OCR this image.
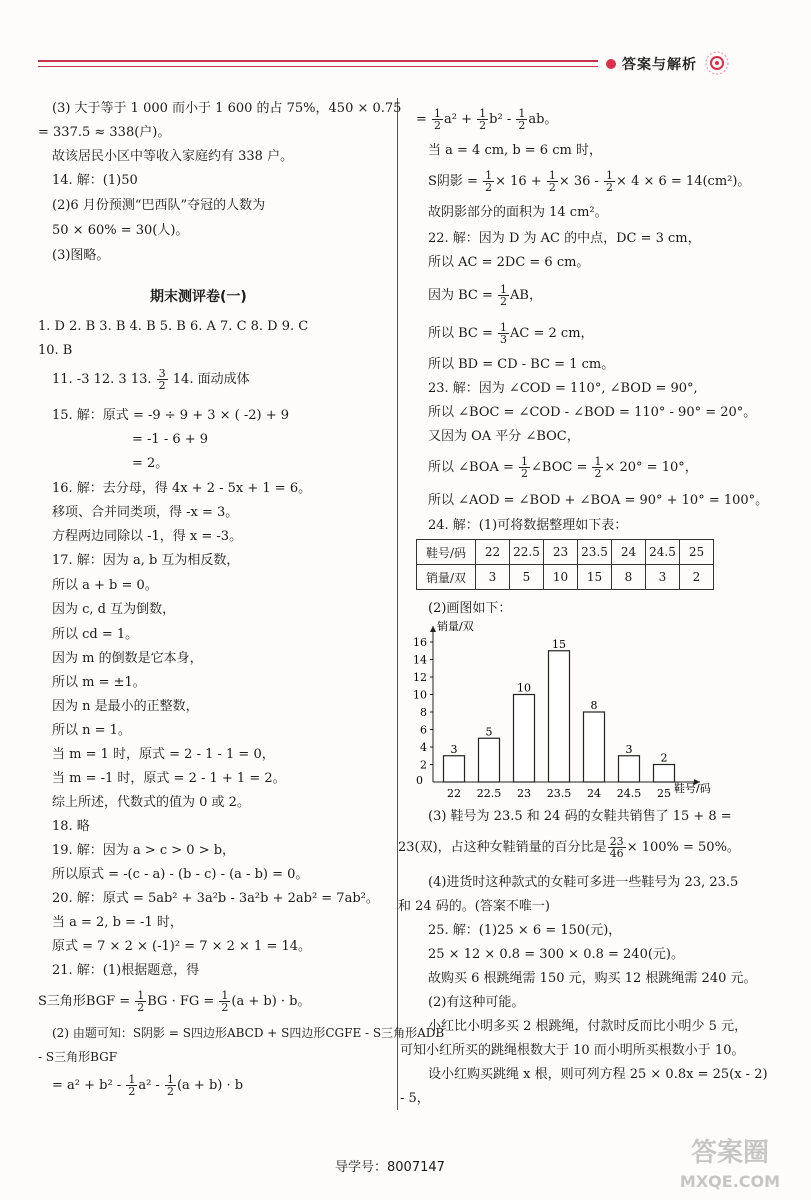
答案与解析
(3) 大于等于 1 000 而小于 1 600 的占 75%，450 × 0.75
= 337.5 ≈ 338(户)。
故该居民小区中等收入家庭约有 338 户。
14. 解：(1)50
(2)6 月份预测“巴西队”夺冠的人数为
50 × 60% = 30(人)。
(3)图略。
期末测评卷(一)
1. D 2. B 3. B 4. B 5. B 6. A 7. C 8. D 9. C
10. B
11. -3 12. 3 13. $\frac{3}{2} 14$. 面动成体
15. 解：原式 = -9 ÷ 9 + 3 × ( -2) + 9
= -1 - 6 + 9
= 2。
16. 解：去分母，得 4x + 2 - 5x + 1 = 6。
移项、合并同类项，得 -x = 3。
方程两边同除以 -1，得 x = -3。
17. 解：因为 a, b 互为相反数，
所以 a + b = 0。
因为 c, d 互为倒数，
所以 cd = 1。
因为 m 的倒数是它本身，
所以 m = ±1。
因为 n 是最小的正整数，
所以 n = 1。
当 m = 1 时，原式 = 2 - 1 - 1 = 0，
当 m = -1 时，原式 = 2 - 1 + 1 = 2。
综上所述，代数式的值为 0 或 2。
18. 略
19. 解：因为 a > c > 0 > b，
所以原式 = -(c - a) - (b - c) - (a - b) = 0。
20. 解：原式 = 5ab² + 3a²b - 3a²b + 2ab² = 7ab²。
当 a = 2, b = -1 时，
原式 = 7 × 2 × (-1)² = 7 × 2 × 1 = 14。
21. 解：(1)根据题意，得
S三角形BGF = $\frac{1}{2}$ BG · FG = $\frac{1}{2} (a + b) \cdot b$。
(2) 由题可知：S阴影 = S四边形ABCD + S四边形CGFE - S三角形ADB
- S三角形BGF
= $a^2 + b^2 - \frac{1}{2} a^2 - \frac{1}{2} (a + b) \cdot b$
= $\frac{1}{2} a^2 + \frac{1}{2} b^2 - \frac{1}{2}$ ab。
当 a = 4 cm, b = 6 cm 时，
S阴影 = $\frac{1}{2} \times 16 + \frac{1}{2} \times 36 - \frac{1}{2} \times 4 \times 6 = 14(cm^2)$。
故阴影部分的面积为 14 cm²。
22. 解：因为 D 为 AC 的中点，DC = 3 cm，
所以 AC = 2DC = 6 cm。
因为 BC = $\frac{1}{2}$ AB，
所以 BC = $\frac{1}{3}$ AC = 2 cm，
所以 BD = CD - BC = 1 cm。
23. 解：因为 ∠COD = 110°, ∠BOD = 90°,
所以 ∠BOC = ∠COD - ∠BOD = 110° - 90° = 20°。
又因为 OA 平分 ∠BOC，
所以 ∠BOA = $\frac{1}{2}$ ∠BOC = $\frac{1}{2} \times 20^\circ = 10^\circ$，
所以 ∠AOD = ∠BOD + ∠BOA = 90° + 10° = 100°。
24. 解：(1)可将数据整理如下表：
鞋号/码	22	22.5	23	23.5	24	24.5	25
销量/双	3	5	10	15	8	3	2
(2)画图如下：
销量/双
鞋号/码
0
2
4
6
8
10
12
14
16
3
22
5
22.5
10
23
15
23.5
8
24
3
24.5
2
25
(3) 鞋号为 23.5 和 24 码的女鞋共销售了 15 + 8 =
23(双)，占这种女鞋销量的百分比是 $\frac{23}{46} \times 100\% = 50\%$。
(4)进货时这种款式的女鞋可多进一些鞋号为 23, 23.5
和 24 码的。(答案不唯一)
25. 解：(1)25 × 6 = 150(元)，
25 × 12 × 0.8 = 300 × 0.8 = 240(元)。
故购买 6 根跳绳需 150 元，购买 12 根跳绳需 240 元。
(2)有这种可能。
小红比小明多买 2 根跳绳，付款时反而比小明少 5 元，
可知小红所买的跳绳根数大于 10 而小明所买根数小于 10。
设小红购买跳绳 x 根，则可列方程 25 × 0.8x = 25(x - 2)
- 5，
导学号：8007147	答案圈
MXQE.COM
